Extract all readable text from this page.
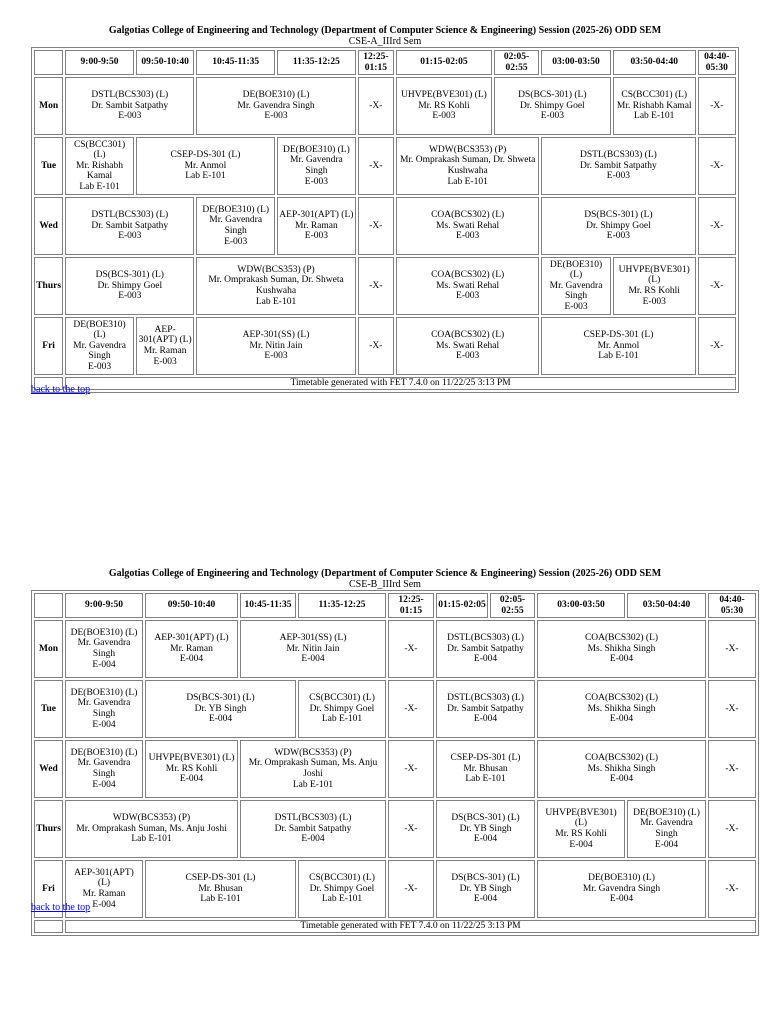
Galgotias College of Engineering and Technology (Department of Computer Science & Engineering) Session (2025-26) ODD SEM
CSE-A_IIIrd Sem
	9:00-9:50	09:50-10:40	10:45-11:35	11:35-12:25	12:25-01:15	01:15-02:05	02:05-02:55	03:00-03:50	03:50-04:40	04:40-05:30
Mon	DSTL(BCS303) (L)
Dr. Sambit Satpathy
E-003		DE(BOE310) (L)
Mr. Gavendra Singh
E-003		-X-	UHVPE(BVE301) (L)
Mr. RS Kohli
E-003	DS(BCS-301) (L)
Dr. Shimpy Goel
E-003		CS(BCC301) (L)
Mr. Rishabh Kamal
Lab E-101	-X-

Tue	CS(BCC301) (L)
Mr. Rishabh Kamal
Lab E-101	CSEP-DS-301 (L)
Mr. Anmol
Lab E-101		DE(BOE310) (L)
Mr. Gavendra Singh
E-003	-X-	WDW(BCS353) (P)
Mr. Omprakash Suman, Dr. Shweta Kushwaha
Lab E-101		DSTL(BCS303) (L)
Dr. Sambit Satpathy
E-003		-X-

Wed	DSTL(BCS303) (L)
Dr. Sambit Satpathy
E-003		DE(BOE310) (L)
Mr. Gavendra Singh
E-003	AEP-301(APT) (L)
Mr. Raman
E-003	-X-	COA(BCS302) (L)
Ms. Swati Rehal
E-003		DS(BCS-301) (L)
Dr. Shimpy Goel
E-003		-X-

Thurs	DS(BCS-301) (L)
Dr. Shimpy Goel
E-003		WDW(BCS353) (P)
Mr. Omprakash Suman, Dr. Shweta Kushwaha
Lab E-101		-X-	COA(BCS302) (L)
Ms. Swati Rehal
E-003		DE(BOE310) (L)
Mr. Gavendra Singh
E-003	UHVPE(BVE301) (L)
Mr. RS Kohli
E-003	-X-

Fri	DE(BOE310) (L)
Mr. Gavendra Singh
E-003	AEP-301(APT) (L)
Mr. Raman
E-003	AEP-301(SS) (L)
Mr. Nitin Jain
E-003		-X-	COA(BCS302) (L)
Ms. Swati Rehal
E-003		CSEP-DS-301 (L)
Mr. Anmol
Lab E-101		-X-

	Timetable generated with FET 7.4.0 on 11/22/25 3:13 PM									
back to the top
Galgotias College of Engineering and Technology (Department of Computer Science & Engineering) Session (2025-26) ODD SEM
CSE-B_IIIrd Sem
	9:00-9:50	09:50-10:40	10:45-11:35	11:35-12:25	12:25-01:15	01:15-02:05	02:05-02:55	03:00-03:50	03:50-04:40	04:40-05:30
Mon	DE(BOE310) (L)
Mr. Gavendra Singh
E-004	AEP-301(APT) (L)
Mr. Raman
E-004	AEP-301(SS) (L)
Mr. Nitin Jain
E-004		-X-	DSTL(BCS303) (L)
Dr. Sambit Satpathy
E-004		COA(BCS302) (L)
Ms. Shikha Singh
E-004		-X-

Tue	DE(BOE310) (L)
Mr. Gavendra Singh
E-004	DS(BCS-301) (L)
Dr. YB Singh
E-004		CS(BCC301) (L)
Dr. Shimpy Goel
Lab E-101	-X-	DSTL(BCS303) (L)
Dr. Sambit Satpathy
E-004		COA(BCS302) (L)
Ms. Shikha Singh
E-004		-X-

Wed	DE(BOE310) (L)
Mr. Gavendra Singh
E-004	UHVPE(BVE301) (L)
Mr. RS Kohli
E-004	WDW(BCS353) (P)
Mr. Omprakash Suman, Ms. Anju Joshi
Lab E-101		-X-	CSEP-DS-301 (L)
Mr. Bhusan
Lab E-101		COA(BCS302) (L)
Ms. Shikha Singh
E-004		-X-

Thurs	WDW(BCS353) (P)
Mr. Omprakash Suman, Ms. Anju Joshi
Lab E-101		DSTL(BCS303) (L)
Dr. Sambit Satpathy
E-004		-X-	DS(BCS-301) (L)
Dr. YB Singh
E-004		UHVPE(BVE301) (L)
Mr. RS Kohli
E-004	DE(BOE310) (L)
Mr. Gavendra Singh
E-004	-X-

Fri	AEP-301(APT) (L)
Mr. Raman
E-004	CSEP-DS-301 (L)
Mr. Bhusan
Lab E-101		CS(BCC301) (L)
Dr. Shimpy Goel
Lab E-101	-X-	DS(BCS-301) (L)
Dr. YB Singh
E-004		DE(BOE310) (L)
Mr. Gavendra Singh
E-004		-X-

	Timetable generated with FET 7.4.0 on 11/22/25 3:13 PM									
back to the top
